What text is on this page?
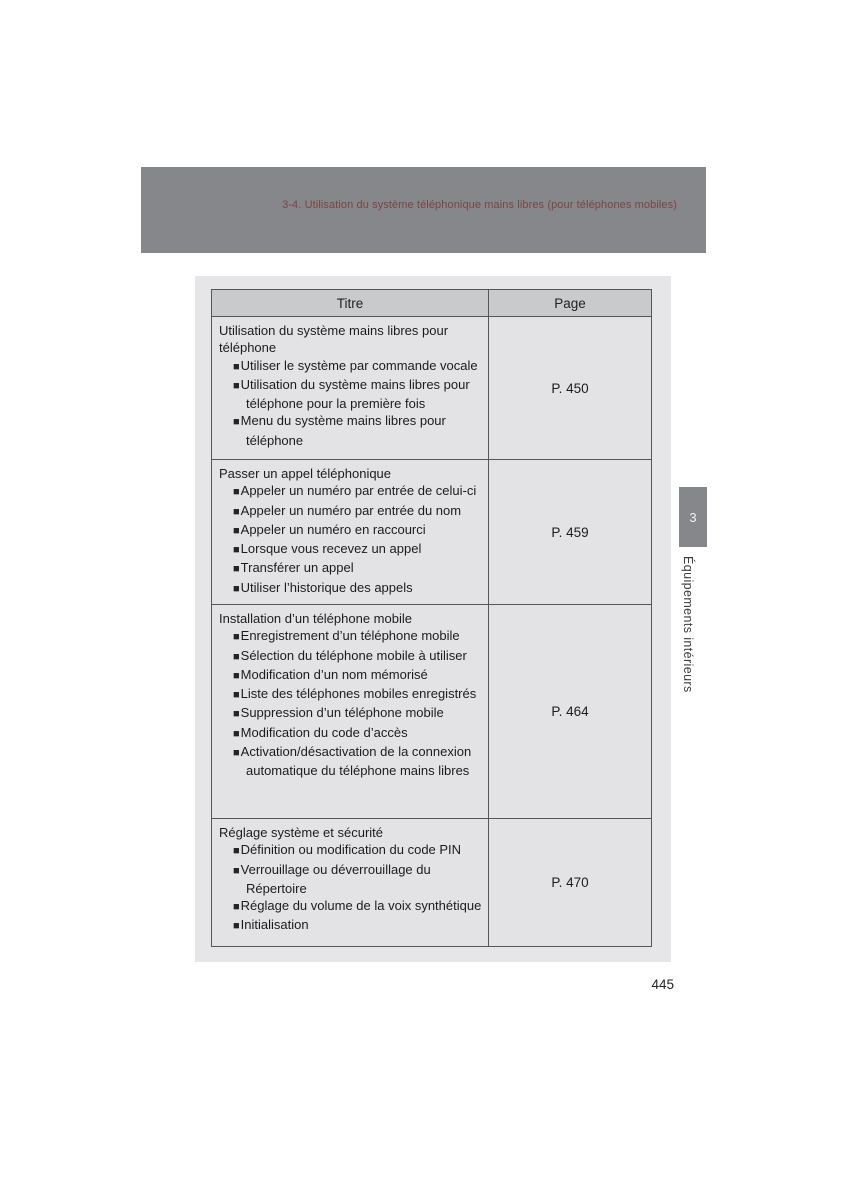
3-4. Utilisation du système téléphonique mains libres (pour téléphones mobiles)
Titre	Page
Utilisation du système mains libres pour téléphone
■Utiliser le système par commande vocale
■Utilisation du système mains libres pour téléphone pour la première fois
■Menu du système mains libres pour téléphone
P. 450
Passer un appel téléphonique
■Appeler un numéro par entrée de celui-ci
■Appeler un numéro par entrée du nom
■Appeler un numéro en raccourci
■Lorsque vous recevez un appel
■Transférer un appel
■Utiliser l’historique des appels
P. 459
Installation d’un téléphone mobile
■Enregistrement d’un téléphone mobile
■Sélection du téléphone mobile à utiliser
■Modification d’un nom mémorisé
■Liste des téléphones mobiles enregistrés
■Suppression d’un téléphone mobile
■Modification du code d’accès
■Activation/désactivation de la connexion automatique du téléphone mains libres
P. 464
Réglage système et sécurité
■Définition ou modification du code PIN
■Verrouillage ou déverrouillage du Répertoire
■Réglage du volume de la voix synthétique
■Initialisation
P. 470
3
Équipements intérieurs
445
